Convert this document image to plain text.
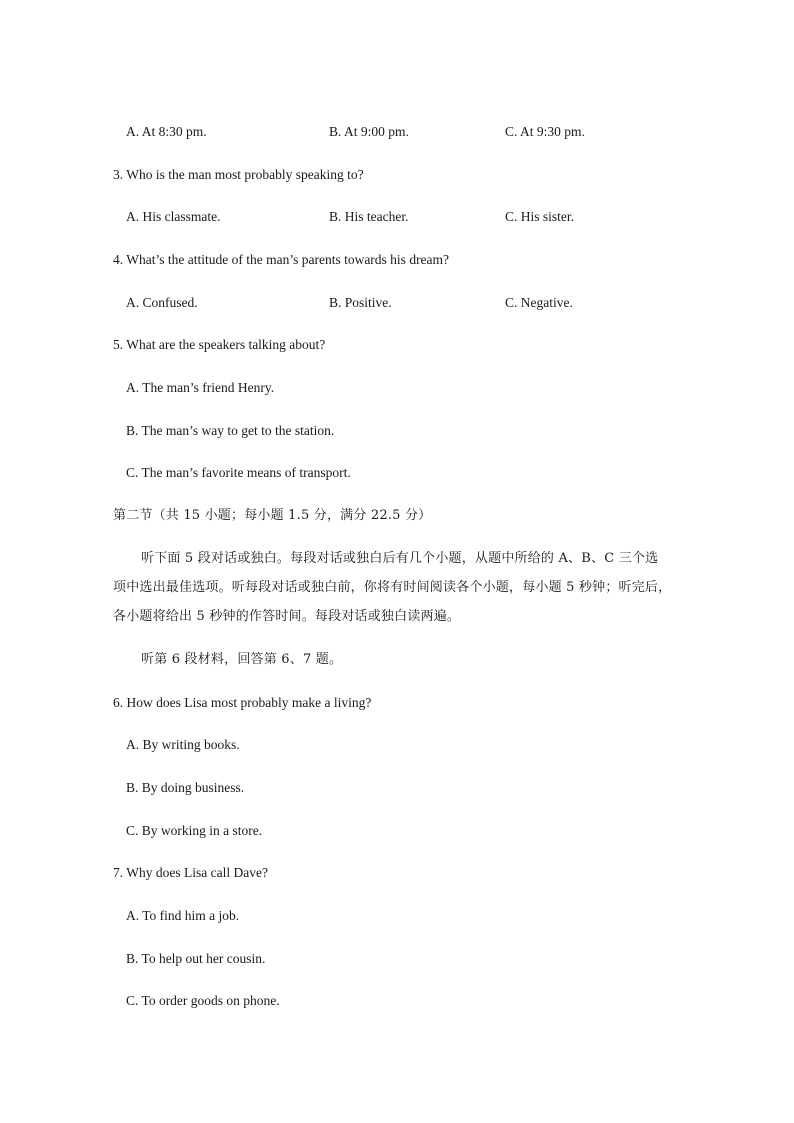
A. At 8:30 pm.	B. At 9:00 pm.	C. At 9:30 pm.
3. Who is the man most probably speaking to?
A. His classmate.	B. His teacher.	C. His sister.
4. What’s the attitude of the man’s parents towards his dream?
A. Confused.	B. Positive.	C. Negative.
5. What are the speakers talking about?
A. The man’s friend Henry.
B. The man’s way to get to the station.
C. The man’s favorite means of transport.
第二节（共 15 小题；每小题 1.5 分，满分 22.5 分）
听下面 5 段对话或独白。每段对话或独白后有几个小题，从题中所给的 A、B、C 三个选
项中选出最佳选项。听每段对话或独白前，你将有时间阅读各个小题，每小题 5 秒钟；听完后，
各小题将给出 5 秒钟的作答时间。每段对话或独白读两遍。
听第 6 段材料，回答第 6、7 题。
6. How does Lisa most probably make a living?
A. By writing books.
B. By doing business.
C. By working in a store.
7. Why does Lisa call Dave?
A. To find him a job.
B. To help out her cousin.
C. To order goods on phone.
